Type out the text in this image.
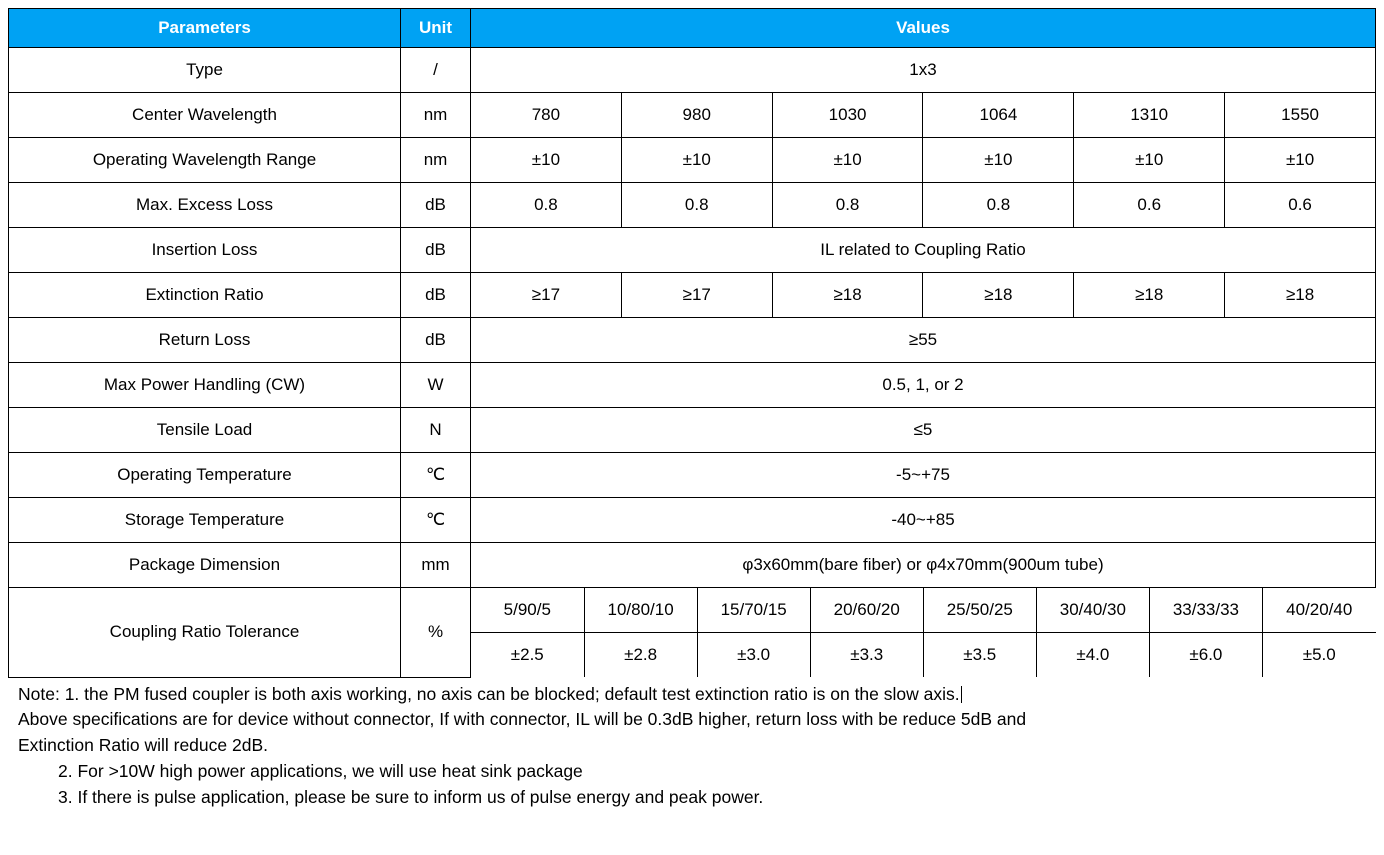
Parameters	Unit	Values
Type	/	1x3
Center Wavelength	nm	780	980	1030	1064	1310	1550
Operating Wavelength Range	nm	±10	±10	±10	±10	±10	±10
Max. Excess Loss	dB	0.8	0.8	0.8	0.8	0.6	0.6
Insertion Loss	dB	IL related to Coupling Ratio
Extinction Ratio	dB	≥17	≥17	≥18	≥18	≥18	≥18
Return Loss	dB	≥55
Max Power Handling (CW)	W	0.5, 1, or 2
Tensile Load	N	≤5
Operating Temperature	℃	-5~+75
Storage Temperature	℃	-40~+85
Package Dimension	mm	φ3x60mm(bare fiber) or φ4x70mm(900um tube)
Coupling Ratio Tolerance	%	
5/90/5	10/80/10	15/70/15	20/60/20	25/50/25	30/40/30	33/33/33	40/20/40
±2.5	±2.8	±3.0	±3.3	±3.5	±4.0	±6.0	±5.0

Note: 1. the PM fused coupler is both axis working, no axis can be blocked; default test extinction ratio is on the slow axis.

Above specifications are for device without connector, If with connector, IL will be 0.3dB higher, return loss with be reduce 5dB and

Extinction Ratio will reduce 2dB.

2. For >10W high power applications, we will use heat sink package

3. If there is pulse application, please be sure to inform us of pulse energy and peak power.
